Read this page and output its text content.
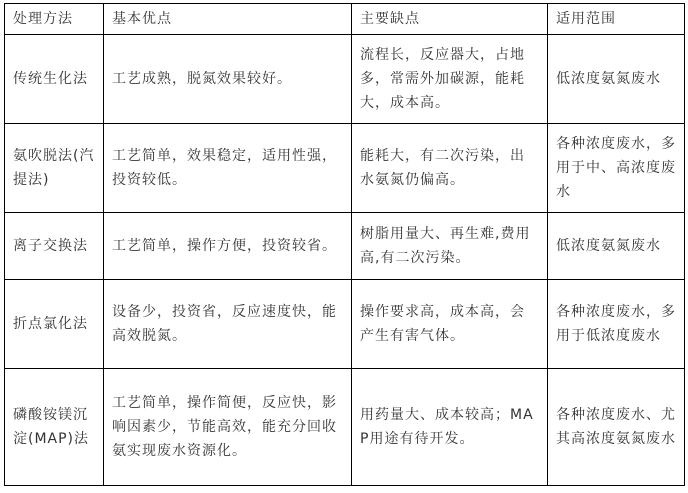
处理方法	基本优点	主要缺点	适用范围
传统生化法	工艺成熟，脱氮效果较好。	流程长，反应器大，占地多，常需外加碳源，能耗大，成本高。	低浓度氨氮废水
氨吹脱法(汽提法)	工艺简单，效果稳定，适用性强，投资较低。	能耗大，有二次污染，出水氨氮仍偏高。	各种浓度废水，多用于中、高浓度废水
离子交换法	工艺简单，操作方便，投资较省。	树脂用量大、再生难,费用高,有二次污染。	低浓度氨氮废水
折点氯化法	设备少，投资省，反应速度快，能高效脱氮。	操作要求高，成本高，会产生有害气体。	各种浓度废水，多用于低浓度废水
磷酸铵镁沉淀(MAP)法	工艺简单，操作简便，反应快，影响因素少，节能高效，能充分回收氨实现废水资源化。	用药量大、成本较高；MAP用途有待开发。	各种浓度废水、尤其高浓度氨氮废水
